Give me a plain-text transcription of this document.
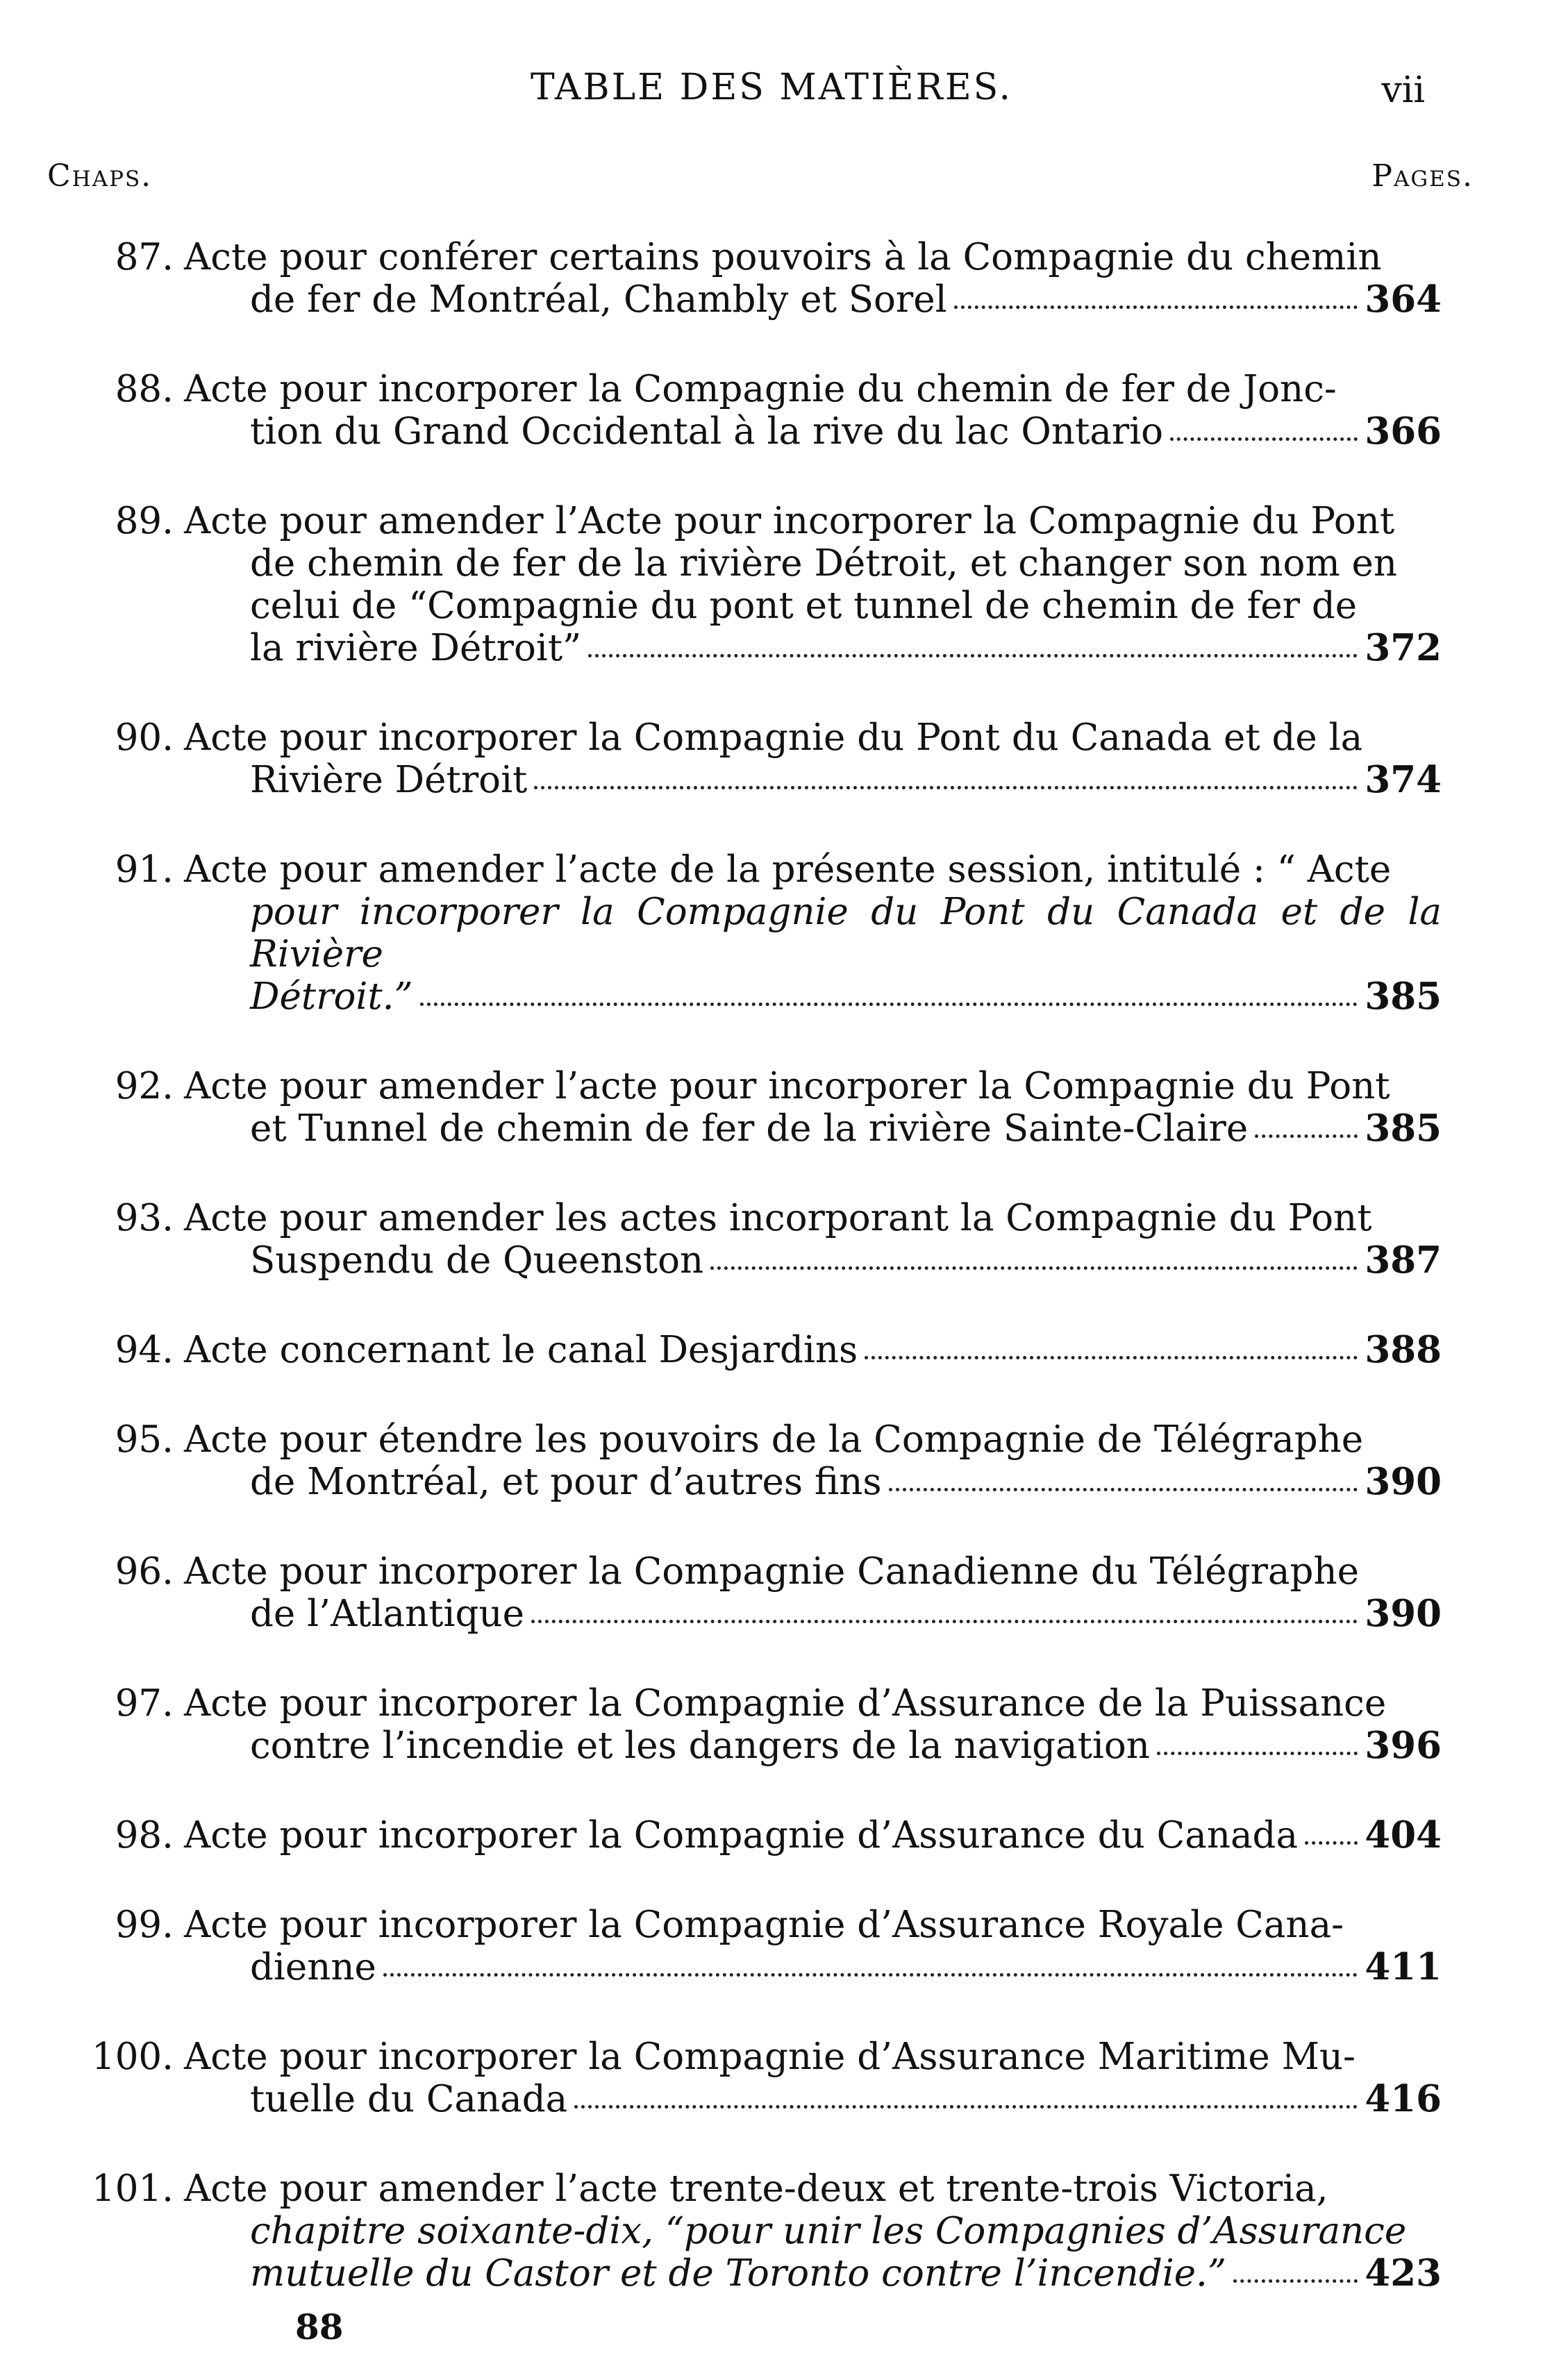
TABLE DES MATIÈRES.	vii
Chaps.	Pages.
87. Acte pour conférer certains pouvoirs à la Compagnie du chemin
de fer de Montréal, Chambly et Sorel	364
88. Acte pour incorporer la Compagnie du chemin de fer de Jonc-
tion du Grand Occidental à la rive du lac Ontario	366
89. Acte pour amender l’Acte pour incorporer la Compagnie du Pont
de chemin de fer de la rivière Détroit, et changer son nom en
celui de “Compagnie du pont et tunnel de chemin de fer de
la rivière Détroit”	372
90. Acte pour incorporer la Compagnie du Pont du Canada et de la
Rivière Détroit	374
91. Acte pour amender l’acte de la présente session, intitulé : “ Acte
pour incorporer la Compagnie du Pont du Canada et de la Rivière
Détroit.”	385
92. Acte pour amender l’acte pour incorporer la Compagnie du Pont
et Tunnel de chemin de fer de la rivière Sainte-Claire	385
93. Acte pour amender les actes incorporant la Compagnie du Pont
Suspendu de Queenston	387
94. Acte concernant le canal Desjardins	388
95. Acte pour étendre les pouvoirs de la Compagnie de Télégraphe
de Montréal, et pour d’autres fins	390
96. Acte pour incorporer la Compagnie Canadienne du Télégraphe
de l’Atlantique	390
97. Acte pour incorporer la Compagnie d’Assurance de la Puissance
contre l’incendie et les dangers de la navigation	396
98. Acte pour incorporer la Compagnie d’Assurance du Canada 404
99. Acte pour incorporer la Compagnie d’Assurance Royale Cana-
dienne	411
100. Acte pour incorporer la Compagnie d’Assurance Maritime Mu-
tuelle du Canada	416
101. Acte pour amender l’acte trente-deux et trente-trois Victoria,
chapitre soixante-dix, “pour unir les Compagnies d’Assurance
mutuelle du Castor et de Toronto contre l’incendie.”	423
88
